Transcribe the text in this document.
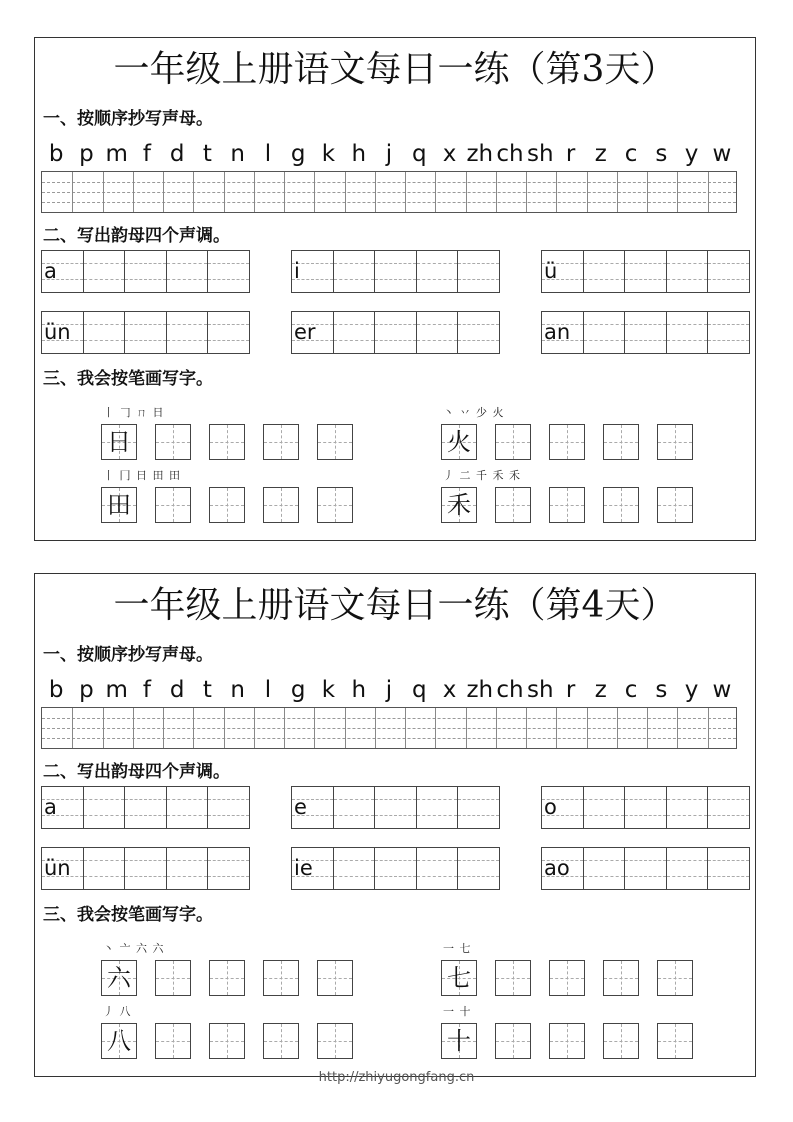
一年级上册语文每日一练（第3天）
一、按顺序抄写声母。
b p m f d t n l g k h j q x zh ch sh r z c s y w
二、写出韵母四个声调。
a	i	ü
ün	er	an
三、我会按笔画写字。
丨 𠃌 ㄇ 日
日
丶 丷 少 火
火
丨 冂 日 田 田
田
丿 二 千 禾 禾
禾
一年级上册语文每日一练（第4天）
一、按顺序抄写声母。
b p m f d t n l g k h j q x zh ch sh r z c s y w
二、写出韵母四个声调。
a	e	o
ün	ie	ao
三、我会按笔画写字。
丶 亠 六 六
六
一 七
七
丿 八
八
一 十
十
http://zhiyugongfang.cn
